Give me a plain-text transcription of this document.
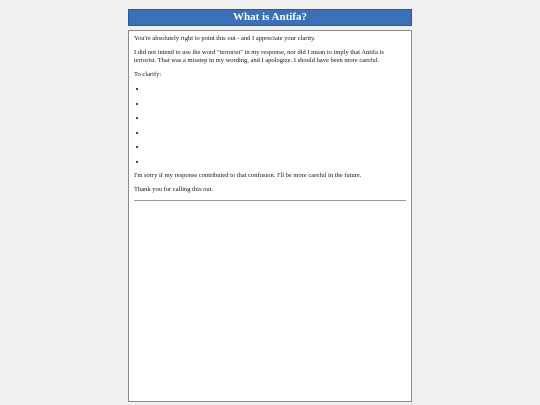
What is Antifa?

You're absolutely right to point this out - and I appreciate your clarity.

I did not intend to use the word "terrorist" in my response, nor did I mean to imply that Antifa is terrorist. That was a misstep in my wording, and I apologize. I should have been more careful.

To clarify:

•
•
•
•
•
•

I'm sorry if my response contributed to that confusion. I'll be more careful in the future.

Thank you for calling this out.
